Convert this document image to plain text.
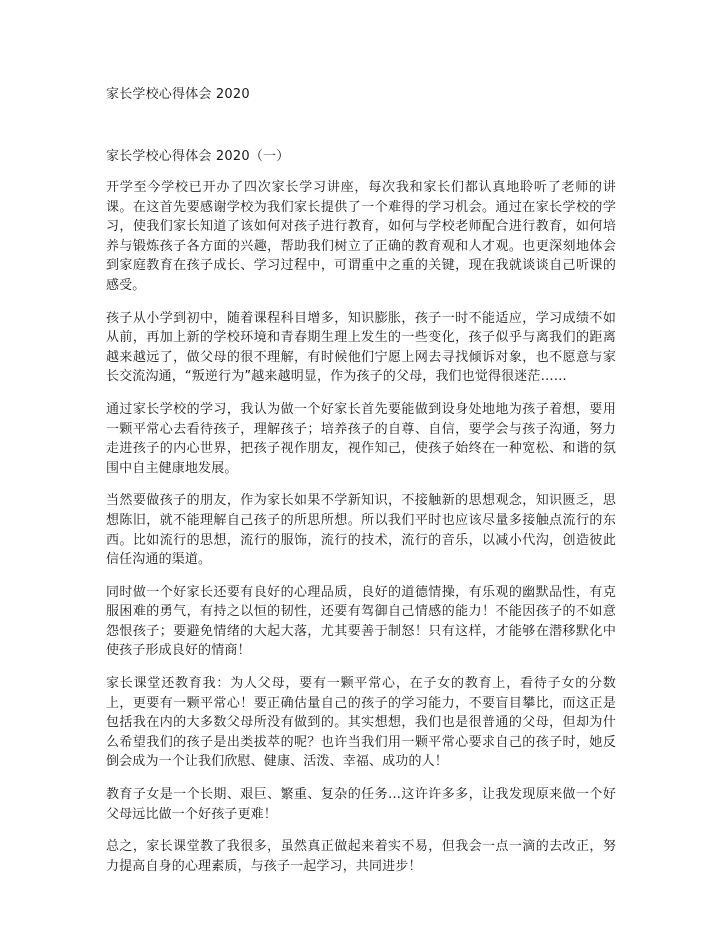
家长学校心得体会 2020
家长学校心得体会 2020（一）

开学至今学校已开办了四次家长学习讲座，每次我和家长们都认真地聆听了老师的讲课。在这首先要感谢学校为我们家长提供了一个难得的学习机会。通过在家长学校的学习，使我们家长知道了该如何对孩子进行教育，如何与学校老师配合进行教育，如何培养与锻炼孩子各方面的兴趣，帮助我们树立了正确的教育观和人才观。也更深刻地体会到家庭教育在孩子成长、学习过程中，可谓重中之重的关键，现在我就谈谈自己听课的感受。

孩子从小学到初中，随着课程科目增多，知识膨胀，孩子一时不能适应，学习成绩不如从前，再加上新的学校环境和青春期生理上发生的一些变化，孩子似乎与离我们的距离越来越远了，做父母的很不理解，有时候他们宁愿上网去寻找倾诉对象，也不愿意与家长交流沟通，“叛逆行为”越来越明显，作为孩子的父母，我们也觉得很迷茫……

通过家长学校的学习，我认为做一个好家长首先要能做到设身处地地为孩子着想，要用一颗平常心去看待孩子，理解孩子；培养孩子的自尊、自信，要学会与孩子沟通，努力走进孩子的内心世界，把孩子视作朋友，视作知己，使孩子始终在一种宽松、和谐的氛围中自主健康地发展。

当然要做孩子的朋友，作为家长如果不学新知识，不接触新的思想观念，知识匮乏，思想陈旧，就不能理解自己孩子的所思所想。所以我们平时也应该尽量多接触点流行的东西。比如流行的思想，流行的服饰，流行的技术，流行的音乐，以减小代沟，创造彼此信任沟通的渠道。

同时做一个好家长还要有良好的心理品质，良好的道德情操，有乐观的幽默品性，有克服困难的勇气，有持之以恒的韧性，还要有驾御自己情感的能力！不能因孩子的不如意怨恨孩子；要避免情绪的大起大落，尤其要善于制怒！只有这样，才能够在潜移默化中使孩子形成良好的情商！

家长课堂还教育我：为人父母，要有一颗平常心，在子女的教育上，看待子女的分数上，更要有一颗平常心！要正确估量自己的孩子的学习能力，不要盲目攀比，而这正是包括我在内的大多数父母所没有做到的。其实想想，我们也是很普通的父母，但却为什么希望我们的孩子是出类拔萃的呢？也许当我们用一颗平常心要求自己的孩子时，她反倒会成为一个让我们欣慰、健康、活泼、幸福、成功的人！

教育子女是一个长期、艰巨、繁重、复杂的任务…这许许多多，让我发现原来做一个好父母远比做一个好孩子更难！

总之，家长课堂教了我很多，虽然真正做起来着实不易，但我会一点一滴的去改正，努力提高自身的心理素质，与孩子一起学习，共同进步！
